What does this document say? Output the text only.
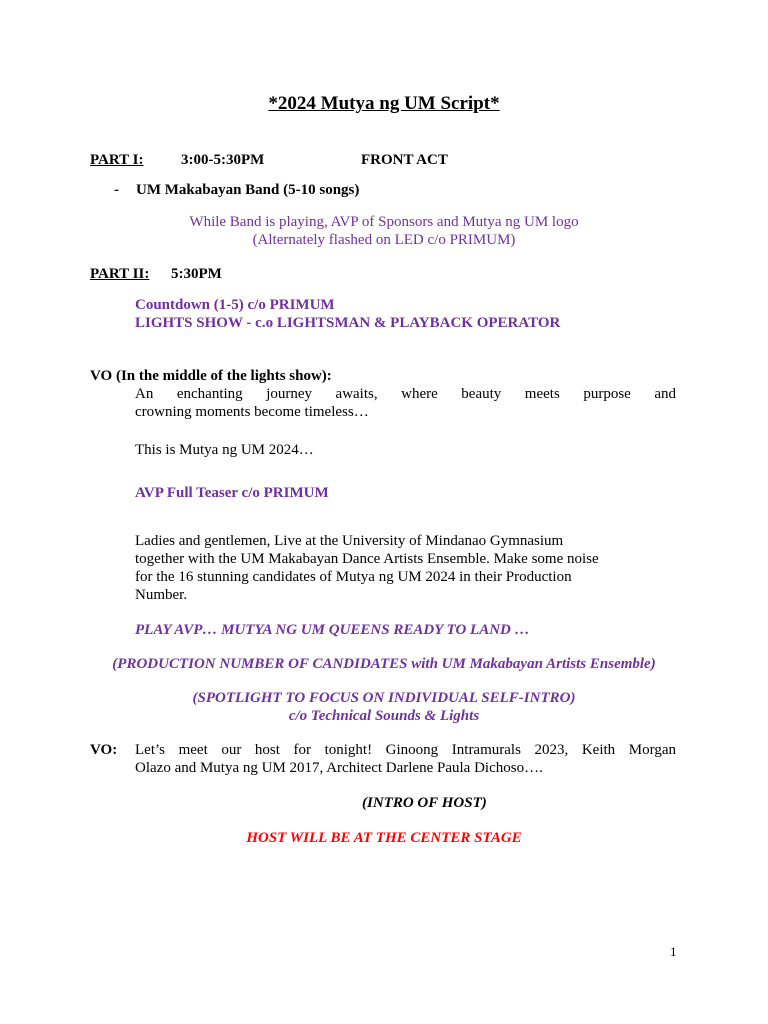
*2024 Mutya ng UM Script*
PART I: 3:00-5:30PM	FRONT ACT
- UM Makabayan Band (5-10 songs)
While Band is playing, AVP of Sponsors and Mutya ng UM logo
(Alternately flashed on LED c/o PRIMUM)
PART II: 5:30PM
Countdown (1-5) c/o PRIMUM
LIGHTS SHOW - c.o LIGHTSMAN & PLAYBACK OPERATOR
VO (In the middle of the lights show):
An enchanting journey awaits, where beauty meets purpose and
crowning moments become timeless…
This is Mutya ng UM 2024…
AVP Full Teaser c/o PRIMUM
Ladies and gentlemen, Live at the University of Mindanao Gymnasium
together with the UM Makabayan Dance Artists Ensemble. Make some noise
for the 16 stunning candidates of Mutya ng UM 2024 in their Production
Number.
PLAY AVP… MUTYA NG UM QUEENS READY TO LAND …
(PRODUCTION NUMBER OF CANDIDATES with UM Makabayan Artists Ensemble)
(SPOTLIGHT TO FOCUS ON INDIVIDUAL SELF-INTRO)
c/o Technical Sounds & Lights
VO: Let’s meet our host for tonight! Ginoong Intramurals 2023, Keith Morgan
Olazo and Mutya ng UM 2017, Architect Darlene Paula Dichoso….
(INTRO OF HOST)
HOST WILL BE AT THE CENTER STAGE
1
